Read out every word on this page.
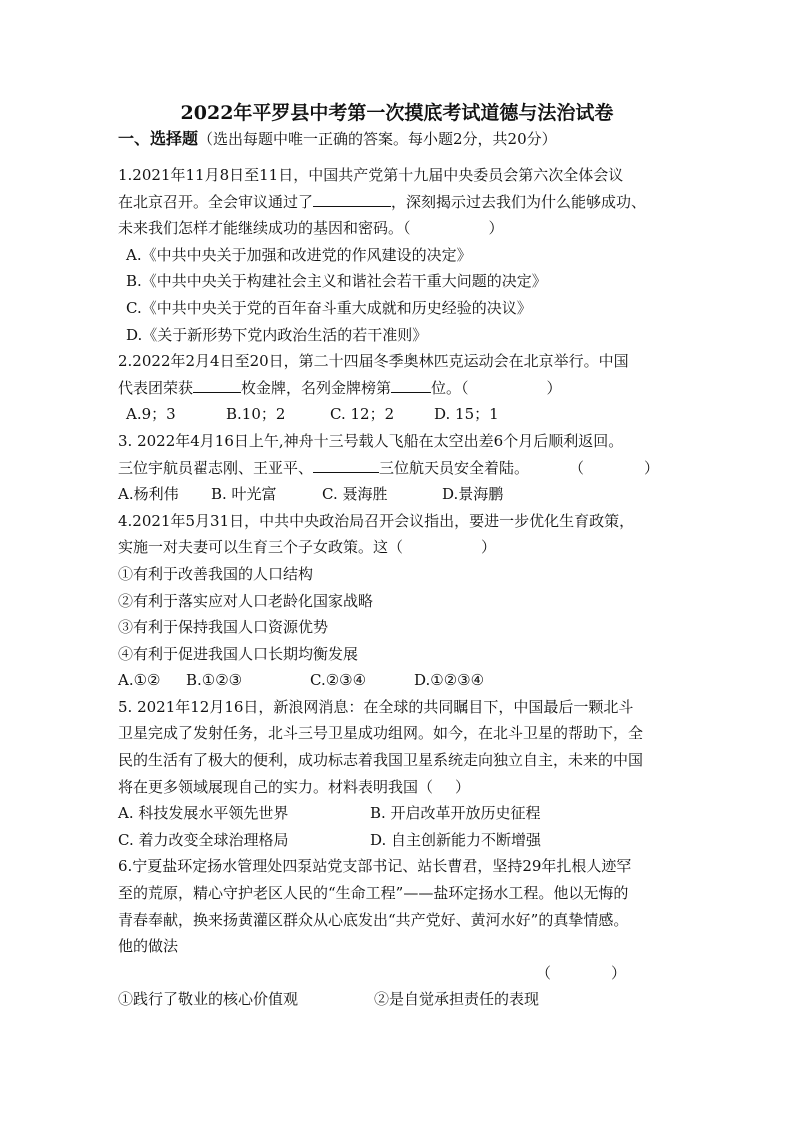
2022年平罗县中考第一次摸底考试道德与法治试卷
一、选择题（选出每题中唯一正确的答案。每小题2分，共20分）
1.2021年11月8日至11日，中国共产党第十九届中央委员会第六次全体会议
在北京召开。全会审议通过了	，深刻揭示过去我们为什么能够成功、
未来我们怎样才能继续成功的基因和密码。（	）
A.《中共中央关于加强和改进党的作风建设的决定》
B.《中共中央关于构建社会主义和谐社会若干重大问题的决定》
C.《中共中央关于党的百年奋斗重大成就和历史经验的决议》
D.《关于新形势下党内政治生活的若干准则》
2.2022年2月4日至20日，第二十四届冬季奥林匹克运动会在北京举行。中国
代表团荣获	枚金牌，名列金牌榜第	位。（	）
A.9；3	B.10；2	C. 12；2	D. 15；1
3. 2022年4月16日上午,神舟十三号载人飞船在太空出差6个月后顺利返回。
三位宇航员翟志刚、王亚平、	三位航天员安全着陆。	（	）
A.杨利伟 B. 叶光富	C. 聂海胜	D.景海鹏
4.2021年5月31日，中共中央政治局召开会议指出，要进一步优化生育政策，
实施一对夫妻可以生育三个子女政策。这（	）
①有利于改善我国的人口结构
②有利于落实应对人口老龄化国家战略
③有利于保持我国人口资源优势
④有利于促进我国人口长期均衡发展
A.①② B.①②③	C.②③④	D.①②③④
5. 2021年12月16日，新浪网消息：在全球的共同瞩目下，中国最后一颗北斗
卫星完成了发射任务，北斗三号卫星成功组网。如今，在北斗卫星的帮助下，全
民的生活有了极大的便利，成功标志着我国卫星系统走向独立自主，未来的中国
将在更多领域展现自己的实力。材料表明我国（ ）
A. 科技发展水平领先世界	B. 开启改革开放历史征程
C. 着力改变全球治理格局	D. 自主创新能力不断增强
6.宁夏盐环定扬水管理处四泵站党支部书记、站长曹君，坚持29年扎根人迹罕
至的荒原，精心守护老区人民的“生命工程”——盐环定扬水工程。他以无悔的
青春奉献，换来扬黄灌区群众从心底发出“共产党好、黄河水好”的真挚情感。
他的做法
（	）
①践行了敬业的核心价值观	②是自觉承担责任的表现
